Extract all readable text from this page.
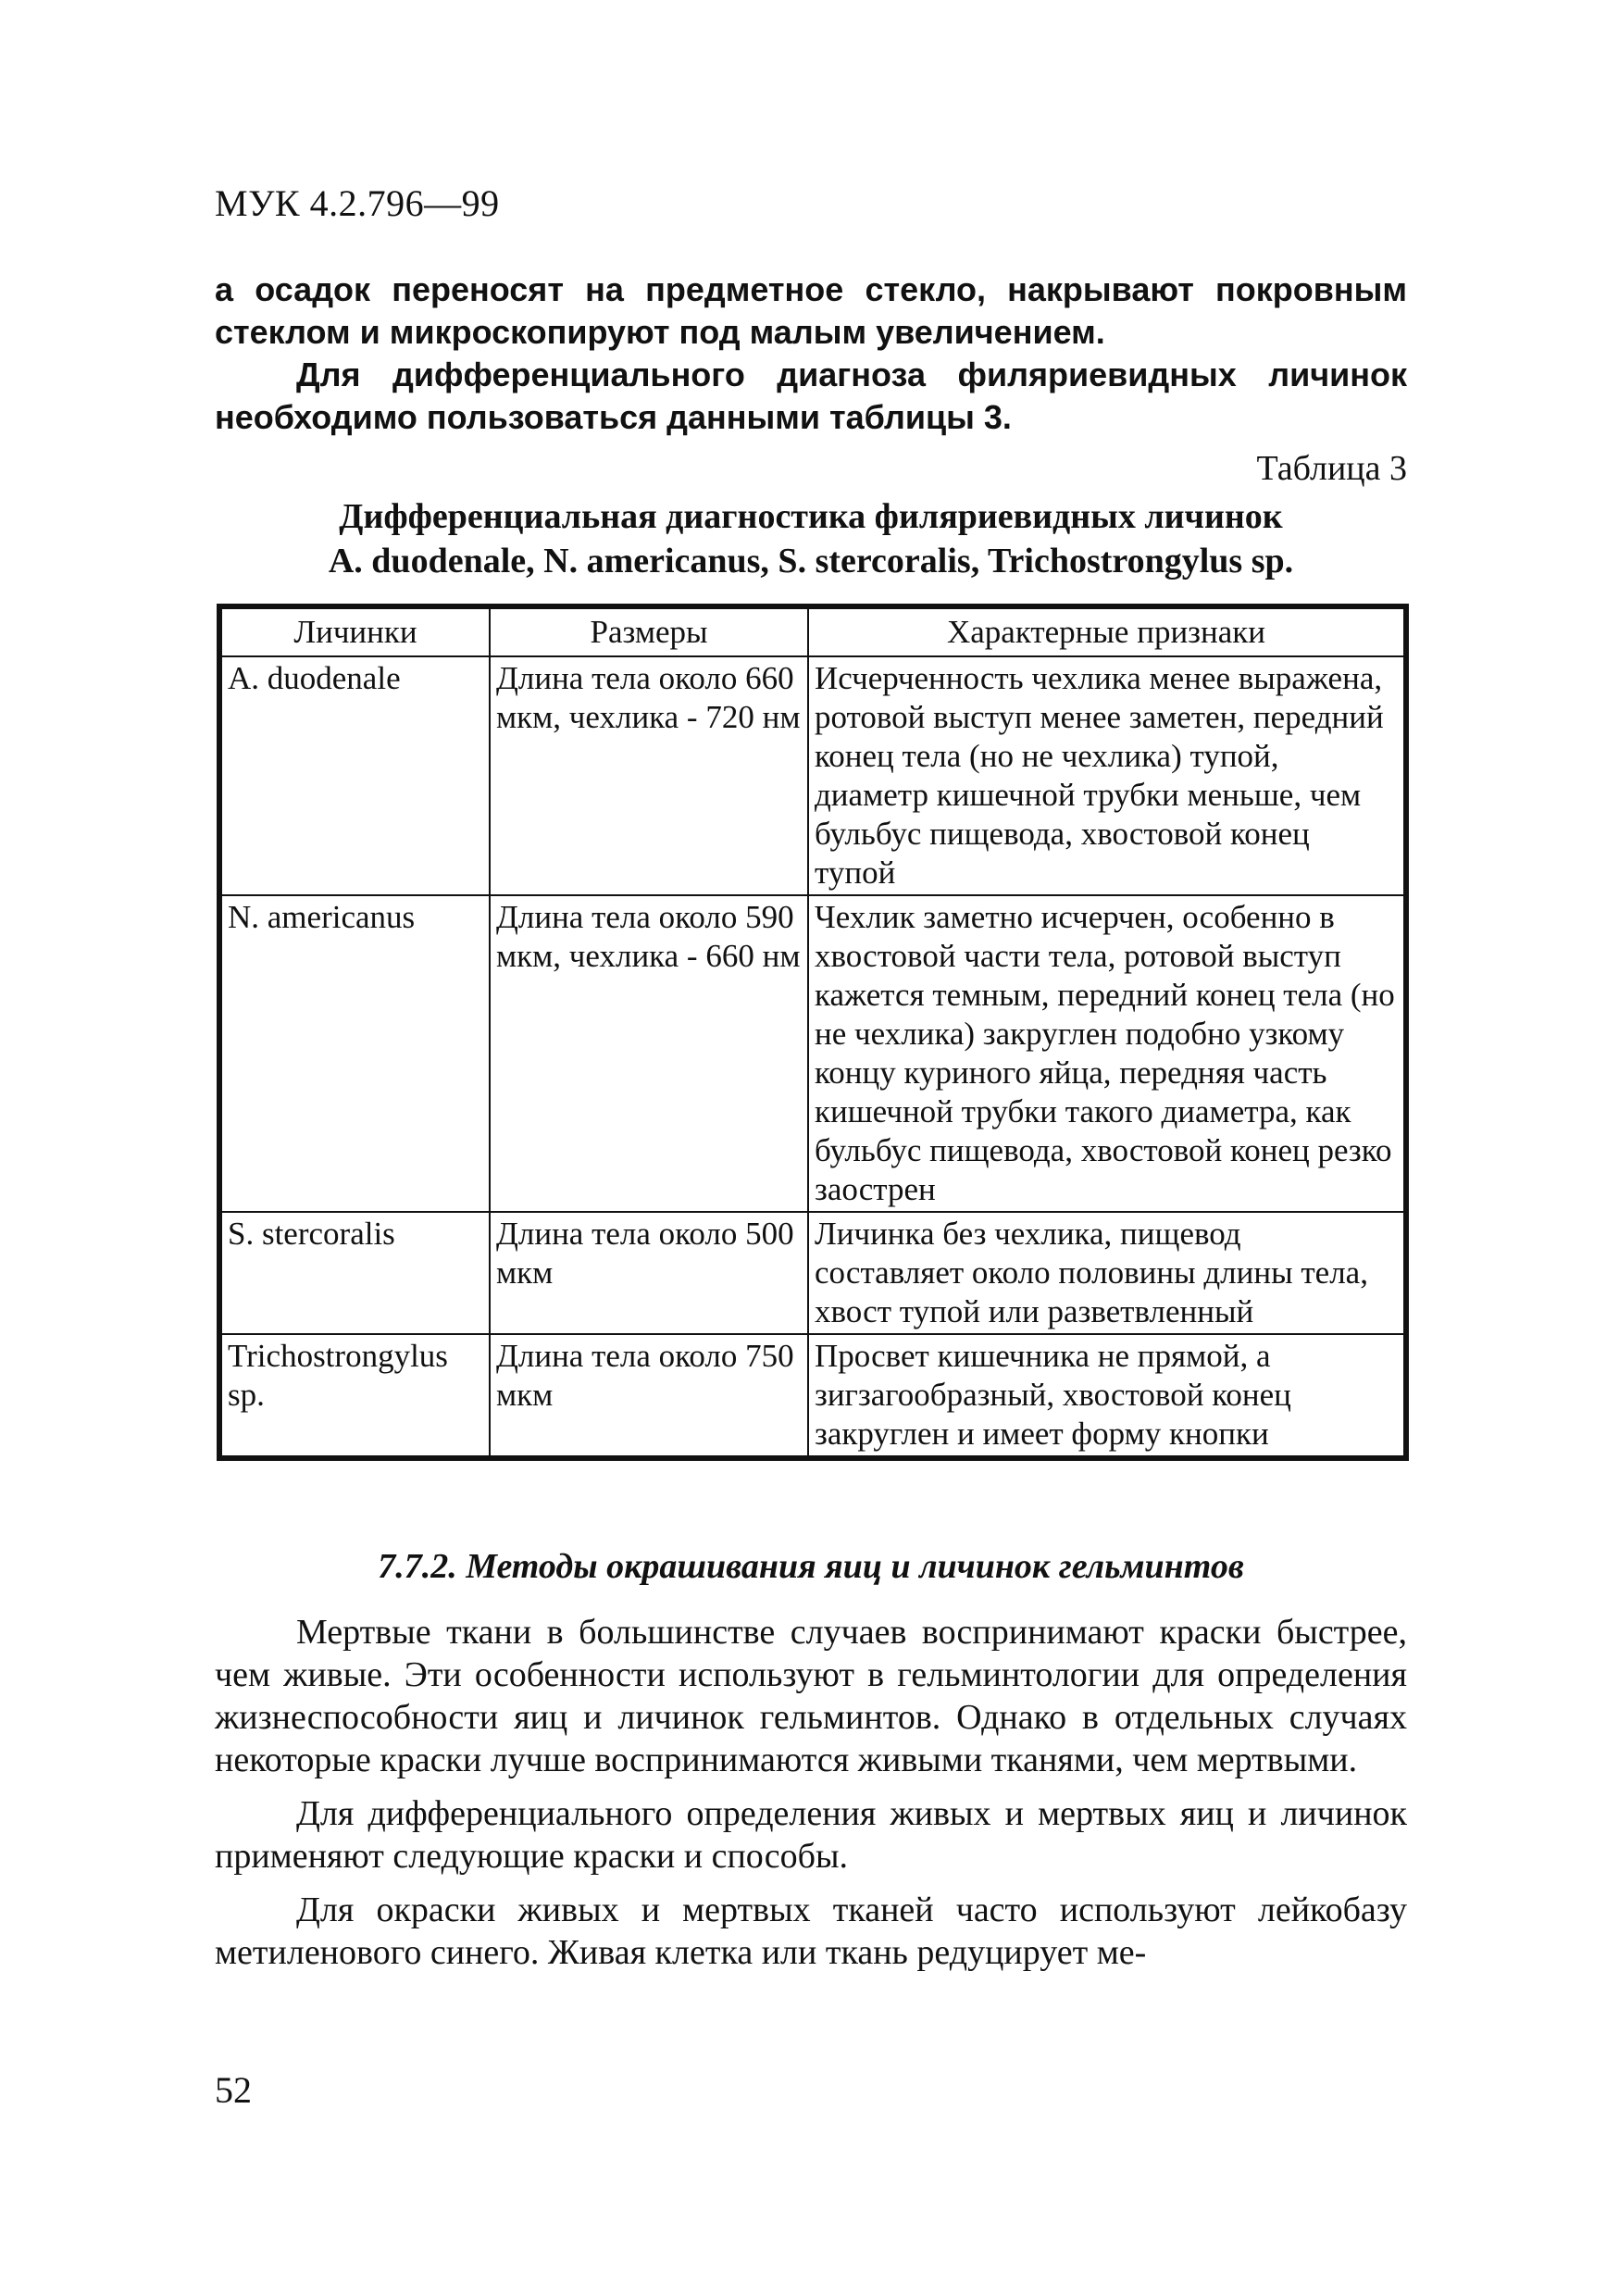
МУК 4.2.796—99

а осадок переносят на предметное стекло, накрывают покровным стеклом и микроскопируют под малым увеличением.

Для дифференциального диагноза филяриевидных личинок необходимо пользоваться данными таблицы 3.

Таблица 3
Дифференциальная диагностика филяриевидных личинок
A. duodenale, N. americanus, S. stercoralis, Trichostrongylus sp.
Личинки	Размеры	Характерные признаки
A. duodenale	Длина тела около 660 мкм, чехлика - 720 нм	Исчерченность чехлика менее выражена, ротовой выступ менее заметен, передний конец тела (но не чехлика) тупой, диаметр кишечной трубки меньше, чем бульбус пищевода, хвостовой конец тупой
N. americanus	Длина тела около 590 мкм, чехлика - 660 нм	Чехлик заметно исчерчен, особенно в хвостовой части тела, ротовой выступ кажется темным, передний конец тела (но не чехлика) закруглен подобно узкому концу куриного яйца, передняя часть кишечной трубки такого диаметра, как бульбус пищевода, хвостовой конец резко заострен
S. stercoralis	Длина тела около 500 мкм	Личинка без чехлика, пищевод составляет около половины длины тела, хвост тупой или разветвленный
Trichostrongylus sp.	Длина тела около 750 мкм	Просвет кишечника не прямой, а зигзагообразный, хвостовой конец закруглен и имеет форму кнопки
7.7.2. Методы окрашивания яиц и личинок гельминтов

Мертвые ткани в большинстве случаев воспринимают краски быстрее, чем живые. Эти особенности используют в гельминтологии для определения жизнеспособности яиц и личинок гельминтов. Однако в отдельных случаях некоторые краски лучше воспринимаются живыми тканями, чем мертвыми.

Для дифференциального определения живых и мертвых яиц и личинок применяют следующие краски и способы.

Для окраски живых и мертвых тканей часто используют лейкобазу метиленового синего. Живая клетка или ткань редуцирует ме-

52
